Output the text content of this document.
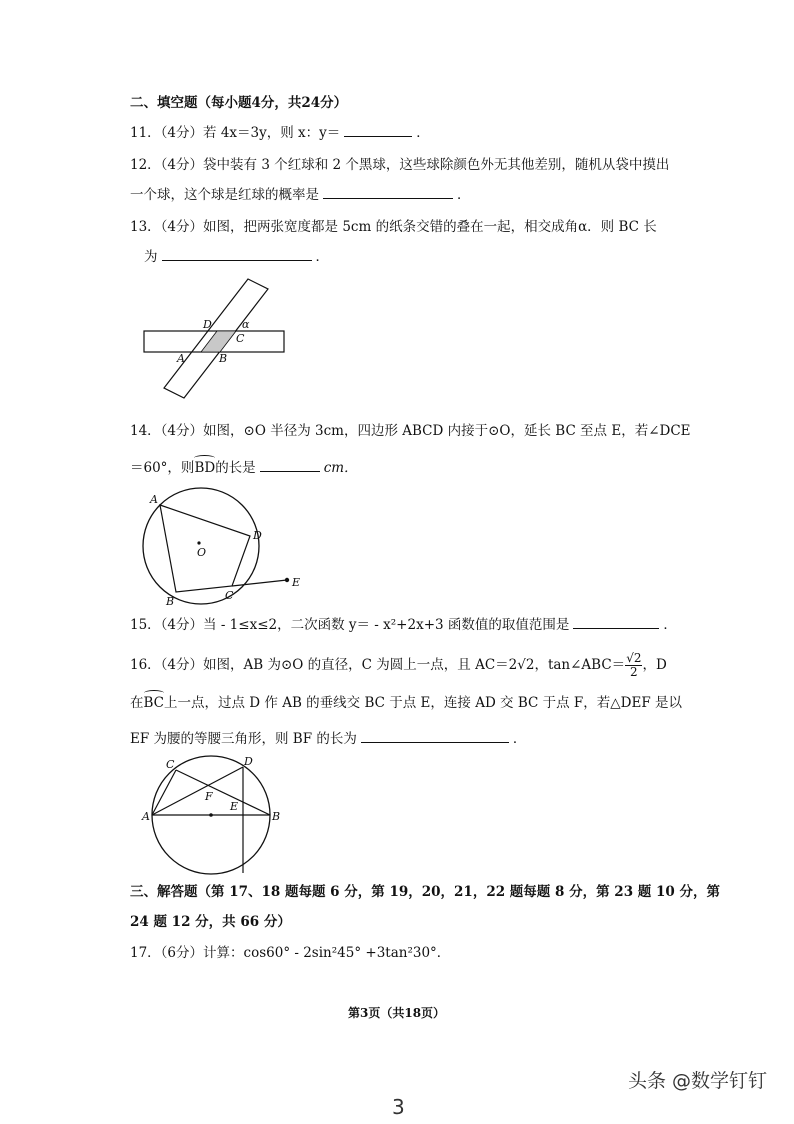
二、填空题（每小题4分，共24分）
11．（4分）若 4x＝3y，则 x：y＝	．
12．（4分）袋中装有 3 个红球和 2 个黑球，这些球除颜色外无其他差别，随机从袋中摸出
一个球，这个球是红球的概率是	．
13．（4分）如图，把两张宽度都是 5cm 的纸条交错的叠在一起，相交成角α．则 BC 长
为	．
D	α
C
A	B
14．（4分）如图，⊙O 半径为 3cm，四边形 ABCD 内接于⊙O，延长 BC 至点 E，若∠DCE
＝60°，则BD的长是	cm．
A
D
O
C
B
E
15．（4分）当 - 1≤x≤2，二次函数 y＝ - x²+2x+3 函数值的取值范围是	．
16．（4分）如图，AB 为⊙O 的直径，C 为圆上一点，且 AC＝2√2，tan∠ABC＝ $\frac{√2}{2}$ ，D
在BC上一点，过点 D 作 AB 的垂线交 BC 于点 E，连接 AD 交 BC 于点 F，若△DEF 是以
EF 为腰的等腰三角形，则 BF 的长为	．
C	D
F
E
A	B
三、解答题（第 17、18 题每题 6 分，第 19，20，21，22 题每题 8 分，第 23 题 10 分，第
24 题 12 分，共 66 分）
17．（6分）计算：cos60° - 2sin²45° +3tan²30°．
第3页（共18页）
头条 @数学钉钉
3
